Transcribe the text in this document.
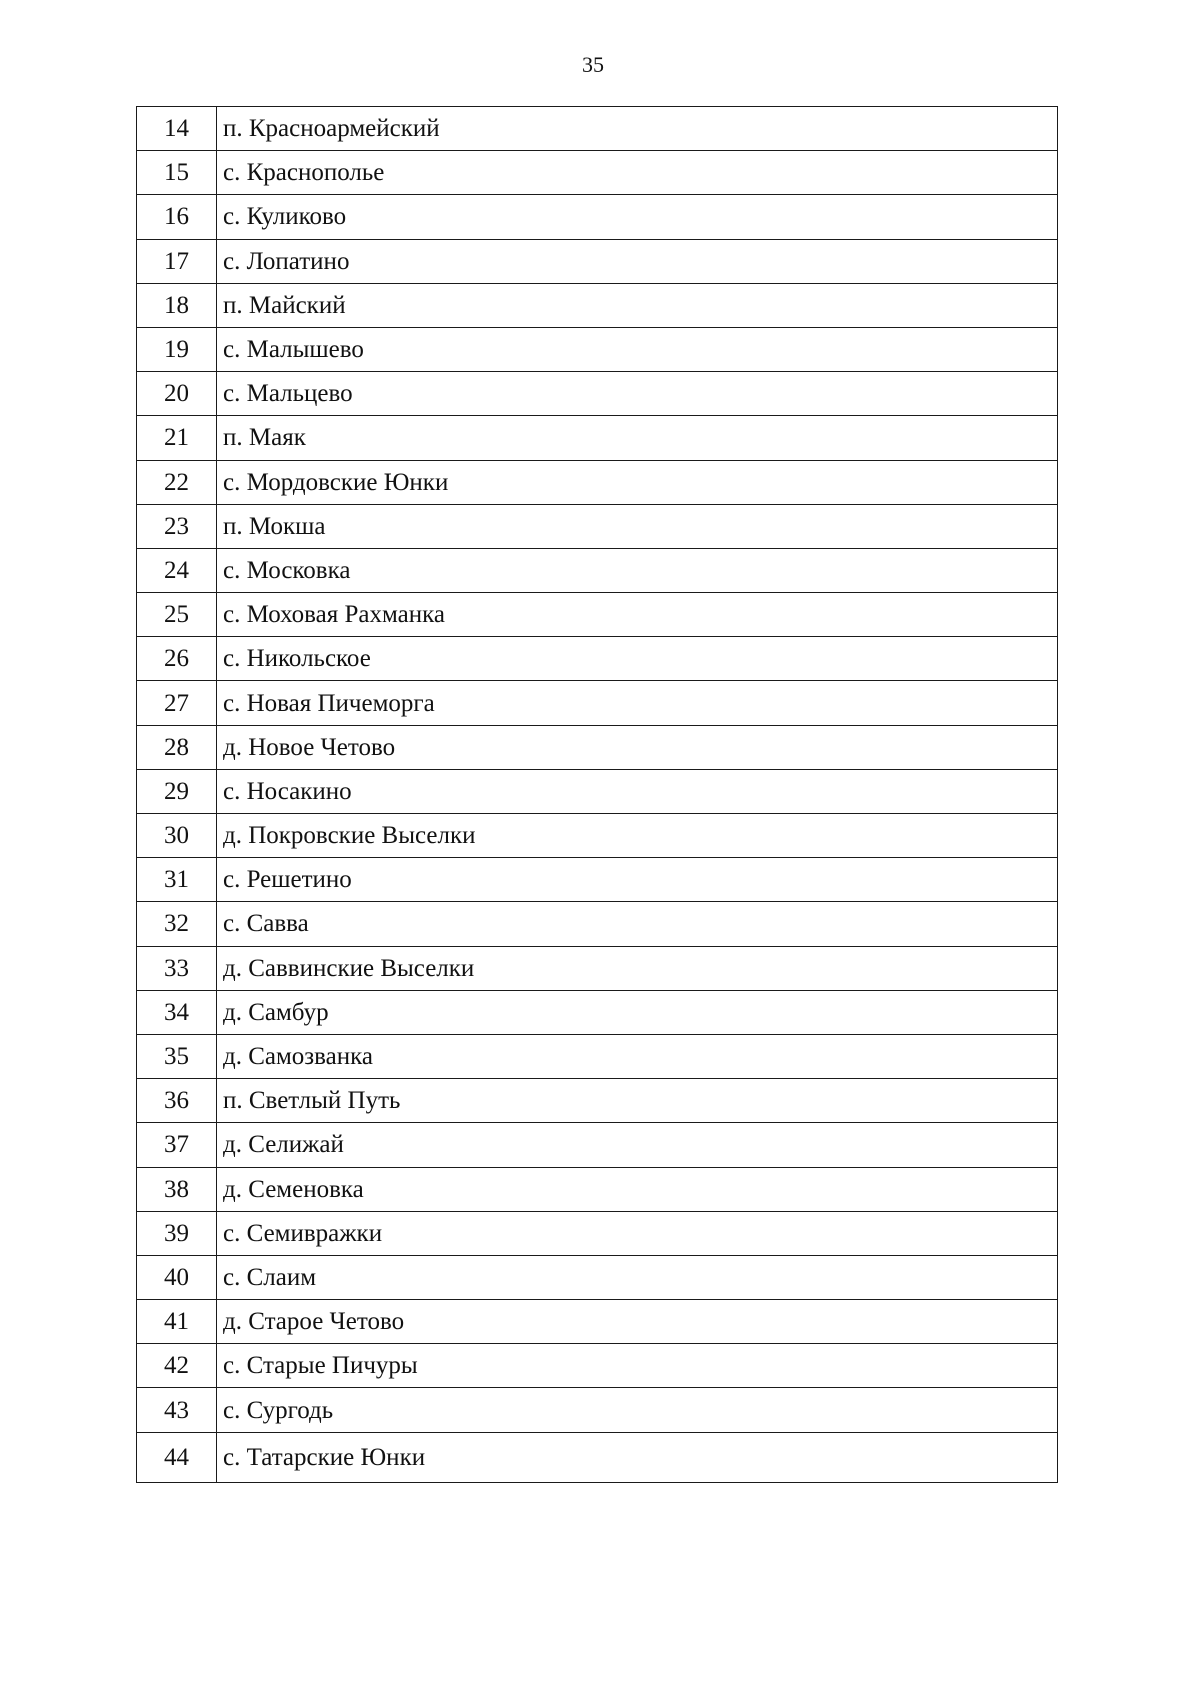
35
14	п. Красноармейский
15	с. Краснополье
16	с. Куликово
17	с. Лопатино
18	п. Майский
19	с. Малышево
20	с. Мальцево
21	п. Маяк
22	с. Мордовские Юнки
23	п. Мокша
24	с. Московка
25	с. Моховая Рахманка
26	с. Никольское
27	с. Новая Пичеморга
28	д. Новое Четово
29	с. Носакино
30	д. Покровские Выселки
31	с. Решетино
32	с. Савва
33	д. Саввинские Выселки
34	д. Самбур
35	д. Самозванка
36	п. Светлый Путь
37	д. Селижай
38	д. Семеновка
39	с. Семивражки
40	с. Слаим
41	д. Старое Четово
42	с. Старые Пичуры
43	с. Сургодь
44	с. Татарские Юнки
